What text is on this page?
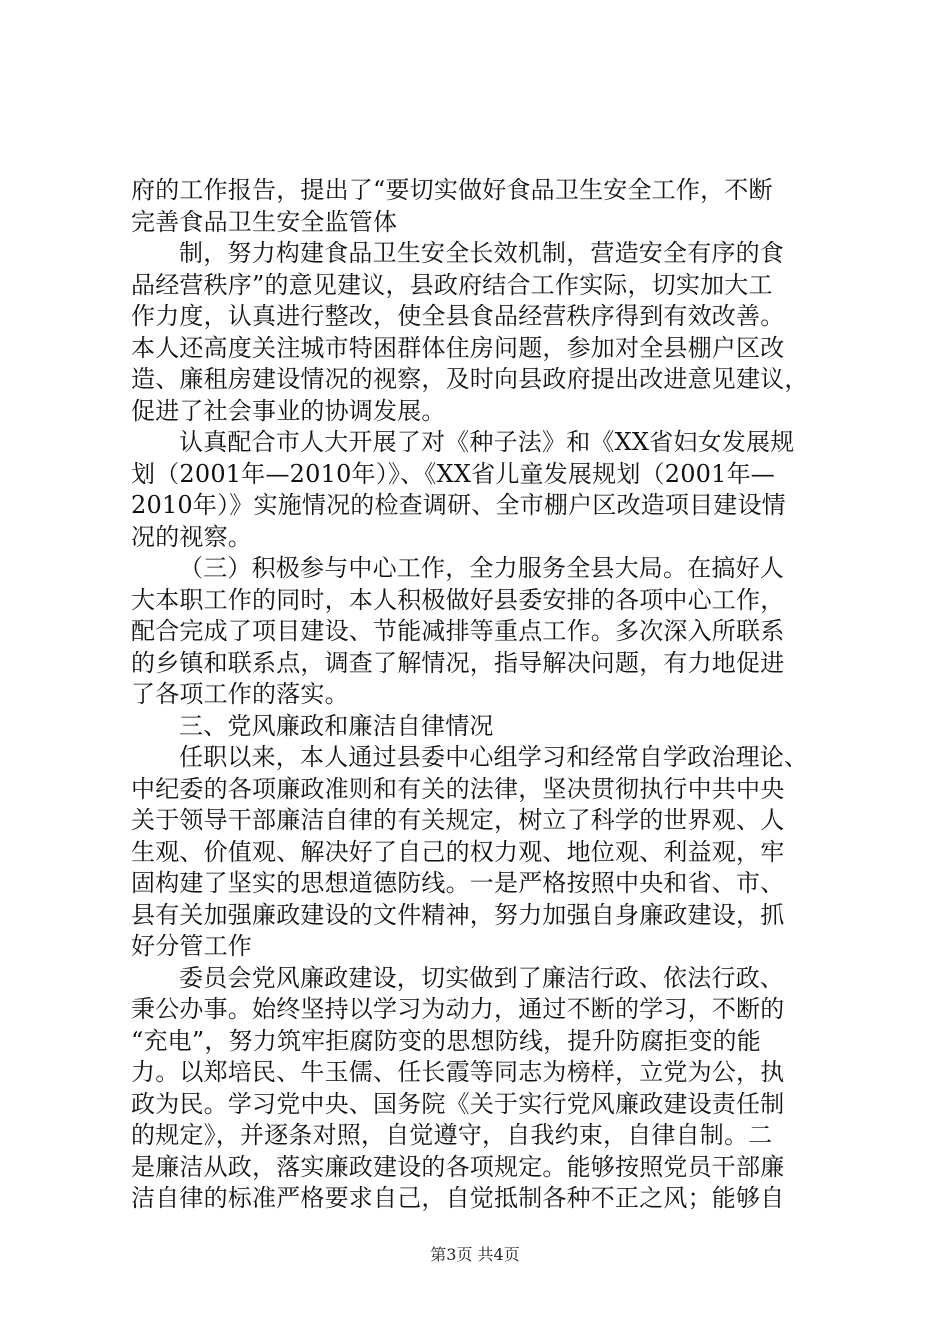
府的工作报告，提出了“要切实做好食品卫生安全工作，不断
完善食品卫生安全监管体
制，努力构建食品卫生安全长效机制，营造安全有序的食
品经营秩序”的意见建议，县政府结合工作实际，切实加大工
作力度，认真进行整改，使全县食品经营秩序得到有效改善。
本人还高度关注城市特困群体住房问题，参加对全县棚户区改
造、廉租房建设情况的视察，及时向县政府提出改进意见建议，
促进了社会事业的协调发展。
认真配合市人大开展了对《种子法》和《XX省妇女发展规
划（2001年—2010年）》、《XX省儿童发展规划（2001年—
2010年）》实施情况的检查调研、全市棚户区改造项目建设情
况的视察。
（三）积极参与中心工作，全力服务全县大局。在搞好人
大本职工作的同时，本人积极做好县委安排的各项中心工作，
配合完成了项目建设、节能减排等重点工作。多次深入所联系
的乡镇和联系点，调查了解情况，指导解决问题，有力地促进
了各项工作的落实。
三、党风廉政和廉洁自律情况
任职以来，本人通过县委中心组学习和经常自学政治理论、
中纪委的各项廉政准则和有关的法律，坚决贯彻执行中共中央
关于领导干部廉洁自律的有关规定，树立了科学的世界观、人
生观、价值观、解决好了自己的权力观、地位观、利益观，牢
固构建了坚实的思想道德防线。一是严格按照中央和省、市、
县有关加强廉政建设的文件精神，努力加强自身廉政建设，抓
好分管工作
委员会党风廉政建设，切实做到了廉洁行政、依法行政、
秉公办事。始终坚持以学习为动力，通过不断的学习，不断的
“充电”，努力筑牢拒腐防变的思想防线，提升防腐拒变的能
力。以郑培民、牛玉儒、任长霞等同志为榜样，立党为公，执
政为民。学习党中央、国务院《关于实行党风廉政建设责任制
的规定》，并逐条对照，自觉遵守，自我约束，自律自制。二
是廉洁从政，落实廉政建设的各项规定。能够按照党员干部廉
洁自律的标准严格要求自己，自觉抵制各种不正之风；能够自
第3页 共4页
